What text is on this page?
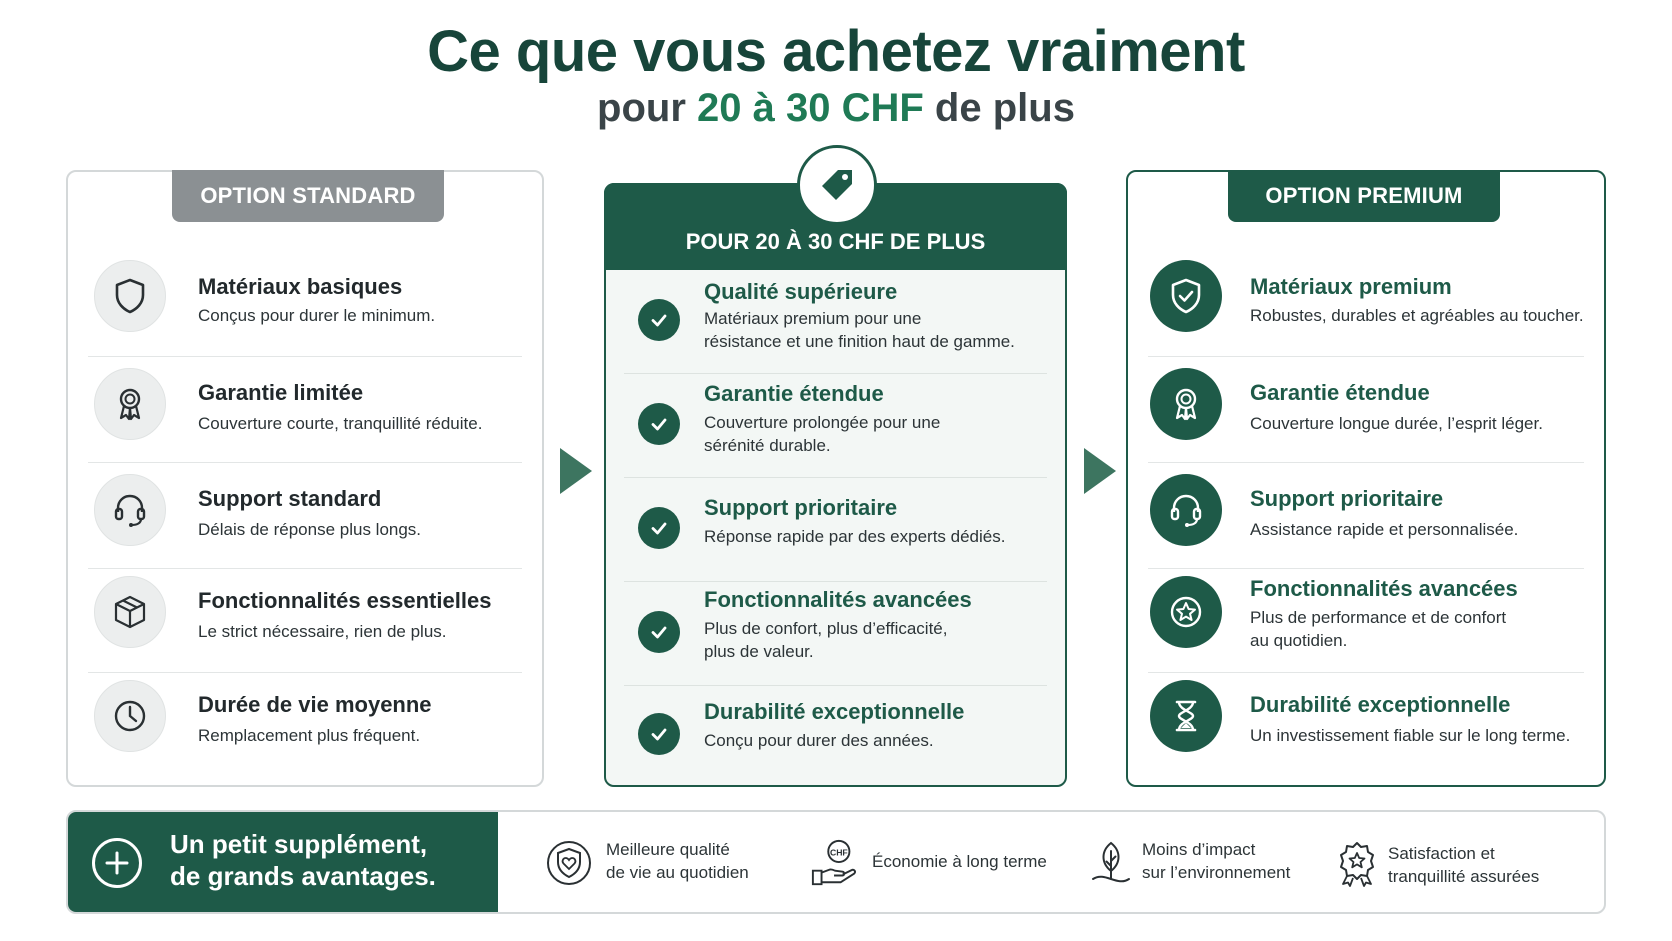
Ce que vous achetez vraiment
pour 20 à 30 CHF de plus
OPTION STANDARD
Matériaux basiques
Conçus pour durer le minimum.
Garantie limitée
Couverture courte, tranquillité réduite.
Support standard
Délais de réponse plus longs.
Fonctionnalités essentielles
Le strict nécessaire, rien de plus.
Durée de vie moyenne
Remplacement plus fréquent.
POUR 20 À 30 CHF DE PLUS
Qualité supérieure
Matériaux premium pour une
résistance et une finition haut de gamme.
Garantie étendue
Couverture prolongée pour une
sérénité durable.
Support prioritaire
Réponse rapide par des experts dédiés.
Fonctionnalités avancées
Plus de confort, plus d’efficacité,
plus de valeur.
Durabilité exceptionnelle
Conçu pour durer des années.
OPTION PREMIUM
Matériaux premium
Robustes, durables et agréables au toucher.
Garantie étendue
Couverture longue durée, l’esprit léger.
Support prioritaire
Assistance rapide et personnalisée.
Fonctionnalités avancées
Plus de performance et de confort
au quotidien.
Durabilité exceptionnelle
Un investissement fiable sur le long terme.
Un petit supplément,
de grands avantages.
Meilleure qualité
de vie au quotidien
CHF Économie à long terme
Moins d’impact
sur l’environnement
Satisfaction et
tranquillité assurées
